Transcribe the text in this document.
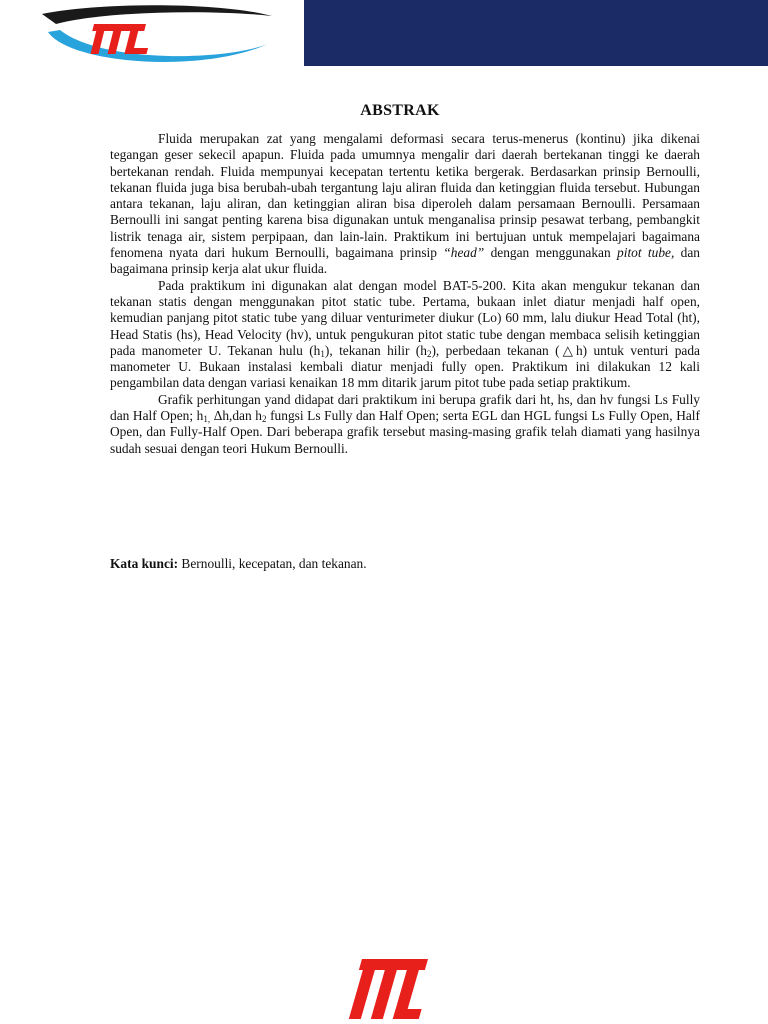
ABSTRAK

Fluida merupakan zat yang mengalami deformasi secara terus-menerus (kontinu) jika dikenai tegangan geser sekecil apapun. Fluida pada umumnya mengalir dari daerah bertekanan tinggi ke daerah bertekanan rendah. Fluida mempunyai kecepatan tertentu ketika bergerak. Berdasarkan prinsip Bernoulli, tekanan fluida juga bisa berubah-ubah tergantung laju aliran fluida dan ketinggian fluida tersebut. Hubungan antara tekanan, laju aliran, dan ketinggian aliran bisa diperoleh dalam persamaan Bernoulli. Persamaan Bernoulli ini sangat penting karena bisa digunakan untuk menganalisa prinsip pesawat terbang, pembangkit listrik tenaga air, sistem perpipaan, dan lain-lain. Praktikum ini bertujuan untuk mempelajari bagaimana fenomena nyata dari hukum Bernoulli, bagaimana prinsip “head” dengan menggunakan pitot tube, dan bagaimana prinsip kerja alat ukur fluida.

Pada praktikum ini digunakan alat dengan model BAT-5-200. Kita akan mengukur tekanan dan tekanan statis dengan menggunakan pitot static tube. Pertama, bukaan inlet diatur menjadi half open, kemudian panjang pitot static tube yang diluar venturimeter diukur (Lo) 60 mm, lalu diukur Head Total (ht), Head Statis (hs), Head Velocity (hv), untuk pengukuran pitot static tube dengan membaca selisih ketinggian pada manometer U. Tekanan hulu $(h_1)$, tekanan hilir $(h_2)$, perbedaan tekanan (△h) untuk venturi pada manometer U. Bukaan instalasi kembali diatur menjadi fully open. Praktikum ini dilakukan 12 kali pengambilan data dengan variasi kenaikan 18 mm ditarik jarum pitot tube pada setiap praktikum.

Grafik perhitungan yand didapat dari praktikum ini berupa grafik dari ht, hs, dan hv fungsi Ls Fully dan Half Open; $h_{1,}$ Δh,dan $h_2$ fungsi Ls Fully dan Half Open; serta EGL dan HGL fungsi Ls Fully Open, Half Open, dan Fully-Half Open. Dari beberapa grafik tersebut masing-masing grafik telah diamati yang hasilnya sudah sesuai dengan teori Hukum Bernoulli.

Kata kunci: Bernoulli, kecepatan, dan tekanan.
